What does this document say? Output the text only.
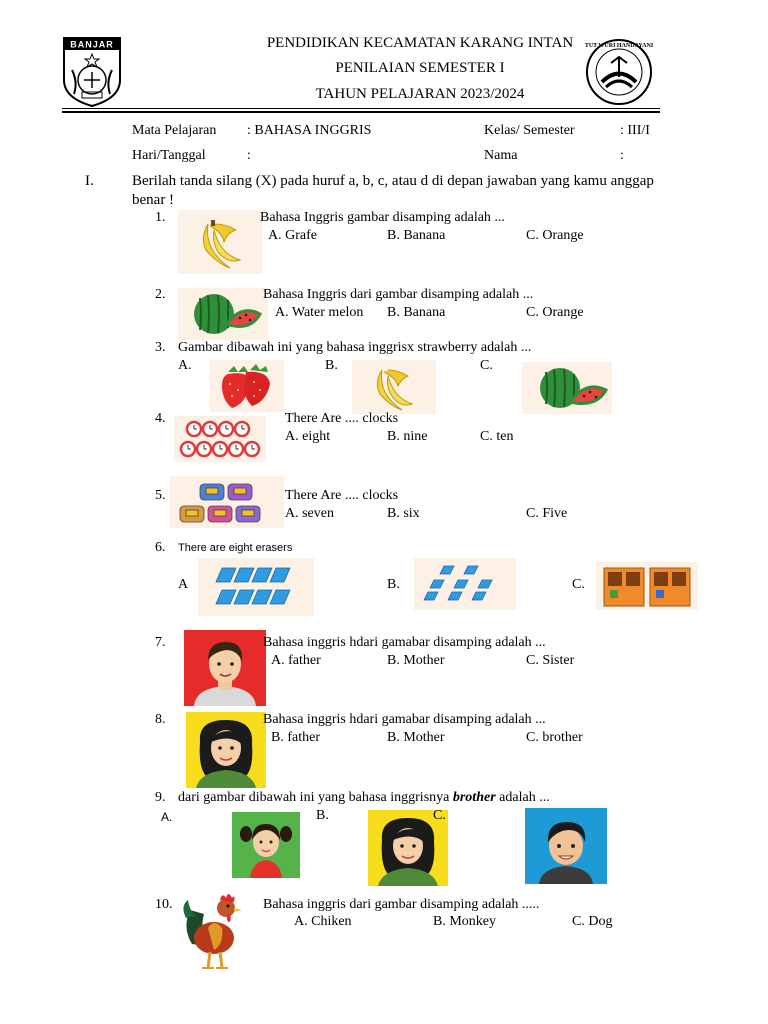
BANJAR	PENDIDIKAN KECAMATAN KARANG INTAN
PENILAIAN SEMESTER I
TAHUN PELAJARAN 2023/2024
TUT WURI HANDAYANI
Mata Pelajaran : BAHASA INGGRIS	Kelas/ Semester	: III/I
Hari/Tanggal	:	Nama	:
I.	Berilah tanda silang (X) pada huruf a, b, c, atau d di depan jawaban yang kamu anggap
benar !
1.	Bahasa Inggris gambar disamping adalah ...
A. Grafe	B. Banana	C. Orange
2.	Bahasa Inggris dari gambar disamping adalah ...
A. Water melon B. Banana	C. Orange
3. Gambar dibawah ini yang bahasa inggrisx strawberry adalah ...
A.	B.	C.
4.	There Are .... clocks
A. eight	B. nine	C. ten
5.	There Are .... clocks
A. seven	B. six	C. Five
6. There are eight erasers
A	B.	C.
7.	Bahasa inggris hdari gamabar disamping adalah ...
A. father	B. Mother	C. Sister
8.	Bahasa inggris hdari gamabar disamping adalah ...
B. father	B. Mother	C. brother
9. dari gambar dibawah ini yang bahasa inggrisnya brother adalah ...
A.	B.	C.
10.	Bahasa inggris dari gambar disamping adalah .....
A. Chiken	B. Monkey	C. Dog
